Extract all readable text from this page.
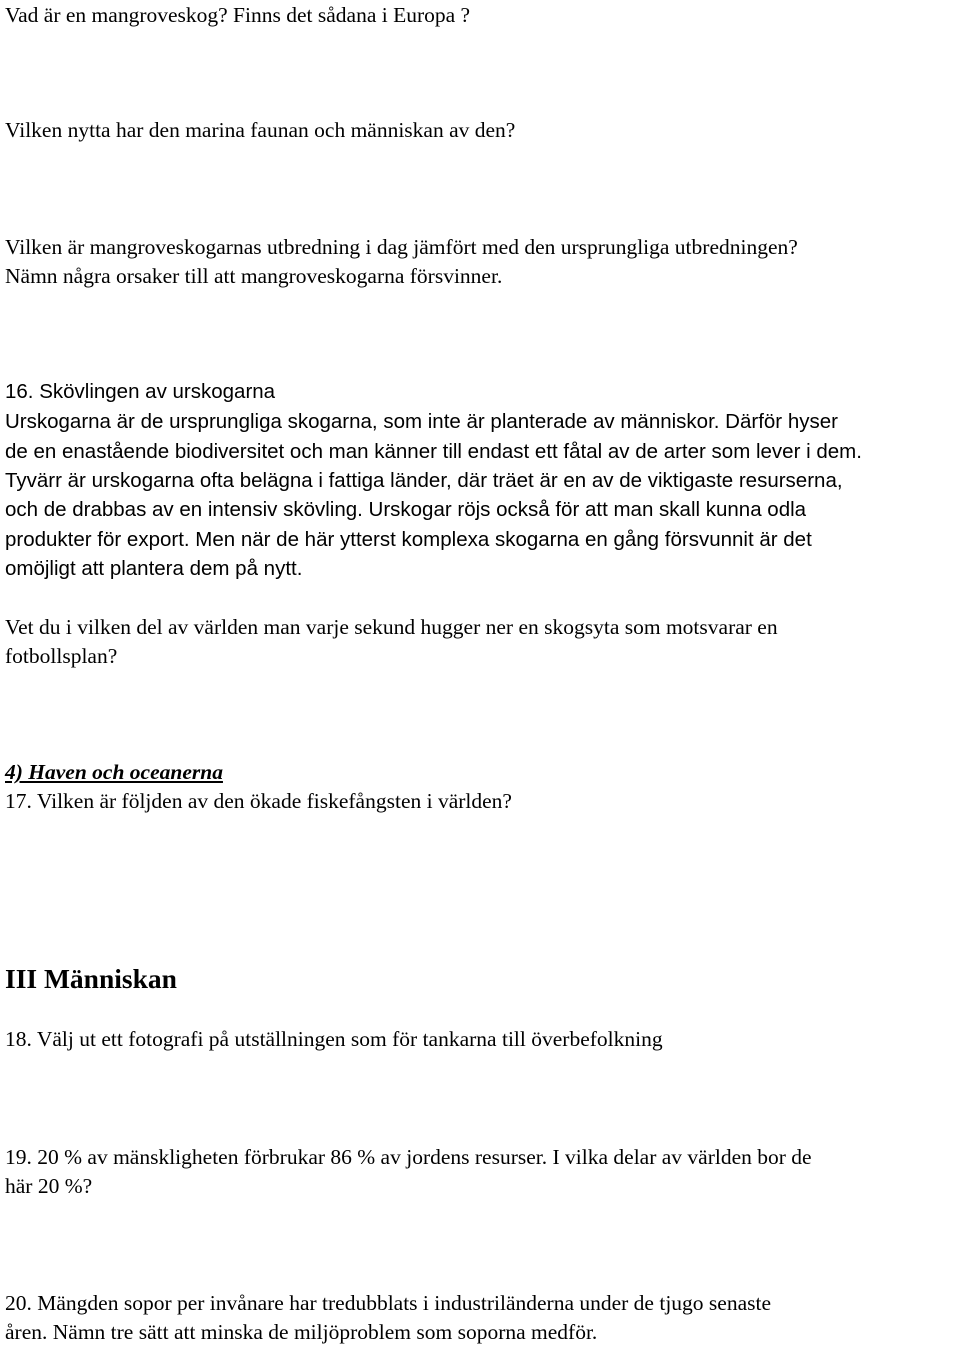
Vad är en mangroveskog? Finns det sådana i Europa ?

Vilken nytta har den marina faunan och människan av den?

Vilken är mangroveskogarnas utbredning i dag jämfört med den ursprungliga utbredningen?

Nämn några orsaker till att mangroveskogarna försvinner.

16. Skövlingen av urskogarna

Urskogarna är de ursprungliga skogarna, som inte är planterade av människor. Därför hyser

de en enastående biodiversitet och man känner till endast ett fåtal av de arter som lever i dem.

Tyvärr är urskogarna ofta belägna i fattiga länder, där träet är en av de viktigaste resurserna,

och de drabbas av en intensiv skövling. Urskogar röjs också för att man skall kunna odla

produkter för export. Men när de här ytterst komplexa skogarna en gång försvunnit är det

omöjligt att plantera dem på nytt.

Vet du i vilken del av världen man varje sekund hugger ner en skogsyta som motsvarar en

fotbollsplan?

4) Haven och oceanerna

17. Vilken är följden av den ökade fiskefångsten i världen?

III Människan

18. Välj ut ett fotografi på utställningen som för tankarna till överbefolkning

19. 20 % av mänskligheten förbrukar 86 % av jordens resurser. I vilka delar av världen bor de

här 20 %?

20. Mängden sopor per invånare har tredubblats i industriländerna under de tjugo senaste

åren. Nämn tre sätt att minska de miljöproblem som soporna medför.
